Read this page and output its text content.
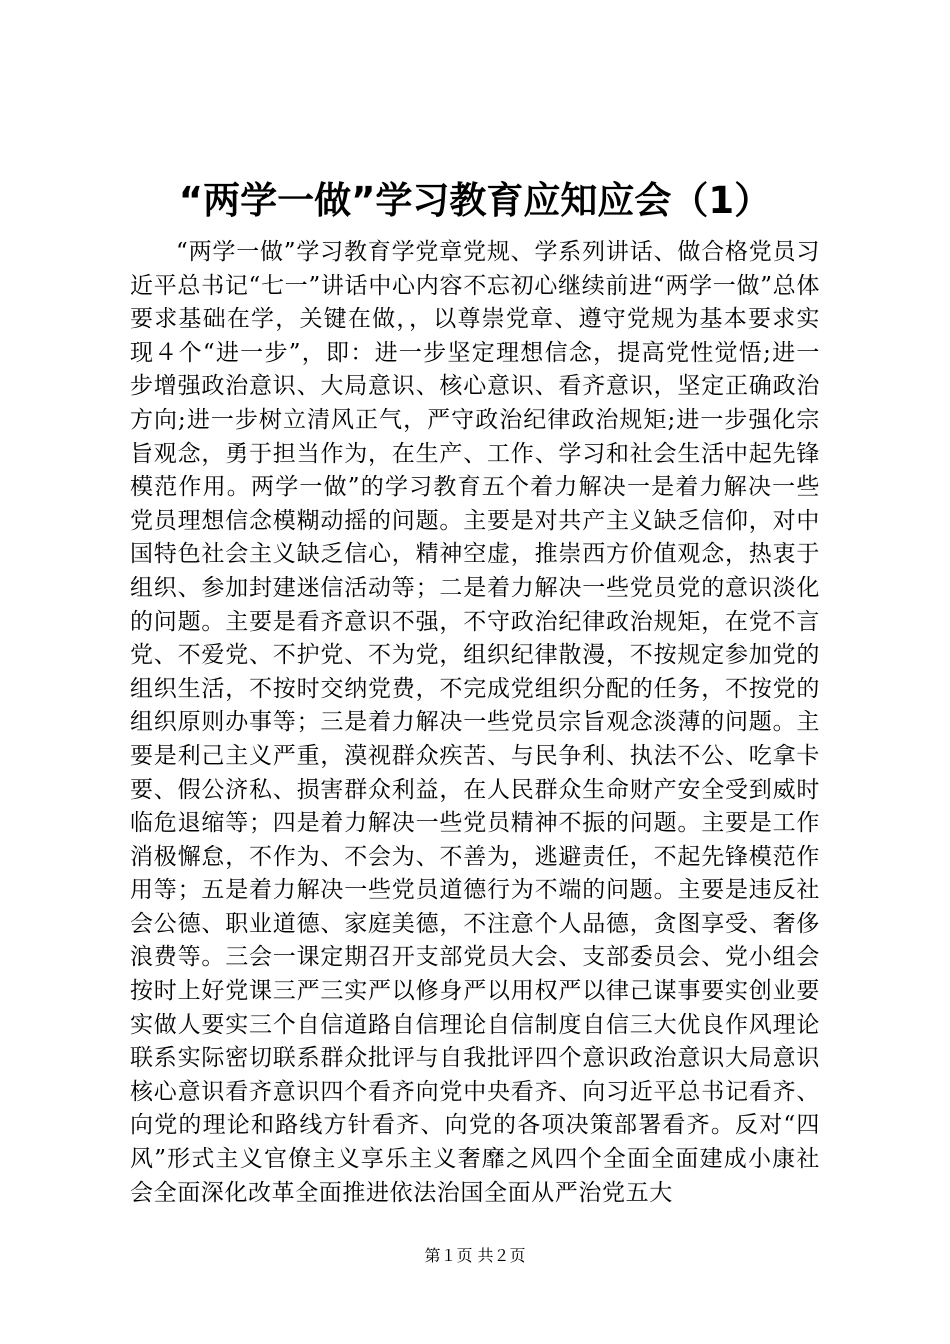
“两学一做”学习教育应知应会（1）

“两学一做”学习教育学党章党规、学系列讲话、做合格党员习近平总书记“七一”讲话中心内容不忘初心继续前进“两学一做”总体要求基础在学，关键在做，，以尊崇党章、遵守党规为基本要求实现４个“进一步”，即：进一步坚定理想信念，提高党性觉悟;进一步增强政治意识、大局意识、核心意识、看齐意识，坚定正确政治方向;进一步树立清风正气，严守政治纪律政治规矩;进一步强化宗旨观念，勇于担当作为，在生产、工作、学习和社会生活中起先锋模范作用。两学一做”的学习教育五个着力解决一是着力解决一些党员理想信念模糊动摇的问题。主要是对共产主义缺乏信仰，对中国特色社会主义缺乏信心，精神空虚，推崇西方价值观念，热衷于组织、参加封建迷信活动等；二是着力解决一些党员党的意识淡化的问题。主要是看齐意识不强，不守政治纪律政治规矩，在党不言党、不爱党、不护党、不为党，组织纪律散漫，不按规定参加党的组织生活，不按时交纳党费，不完成党组织分配的任务，不按党的组织原则办事等；三是着力解决一些党员宗旨观念淡薄的问题。主要是利己主义严重，漠视群众疾苦、与民争利、执法不公、吃拿卡要、假公济私、损害群众利益，在人民群众生命财产安全受到威时临危退缩等；四是着力解决一些党员精神不振的问题。主要是工作消极懈怠，不作为、不会为、不善为，逃避责任，不起先锋模范作用等；五是着力解决一些党员道德行为不端的问题。主要是违反社会公德、职业道德、家庭美德，不注意个人品德，贪图享受、奢侈浪费等。三会一课定期召开支部党员大会、支部委员会、党小组会按时上好党课三严三实严以修身严以用权严以律己谋事要实创业要实做人要实三个自信道路自信理论自信制度自信三大优良作风理论联系实际密切联系群众批评与自我批评四个意识政治意识大局意识核心意识看齐意识四个看齐向党中央看齐、向习近平总书记看齐、向党的理论和路线方针看齐、向党的各项决策部署看齐。反对“四风”形式主义官僚主义享乐主义奢靡之风四个全面全面建成小康社会全面深化改革全面推进依法治国全面从严治党五大

第１页 共２页
